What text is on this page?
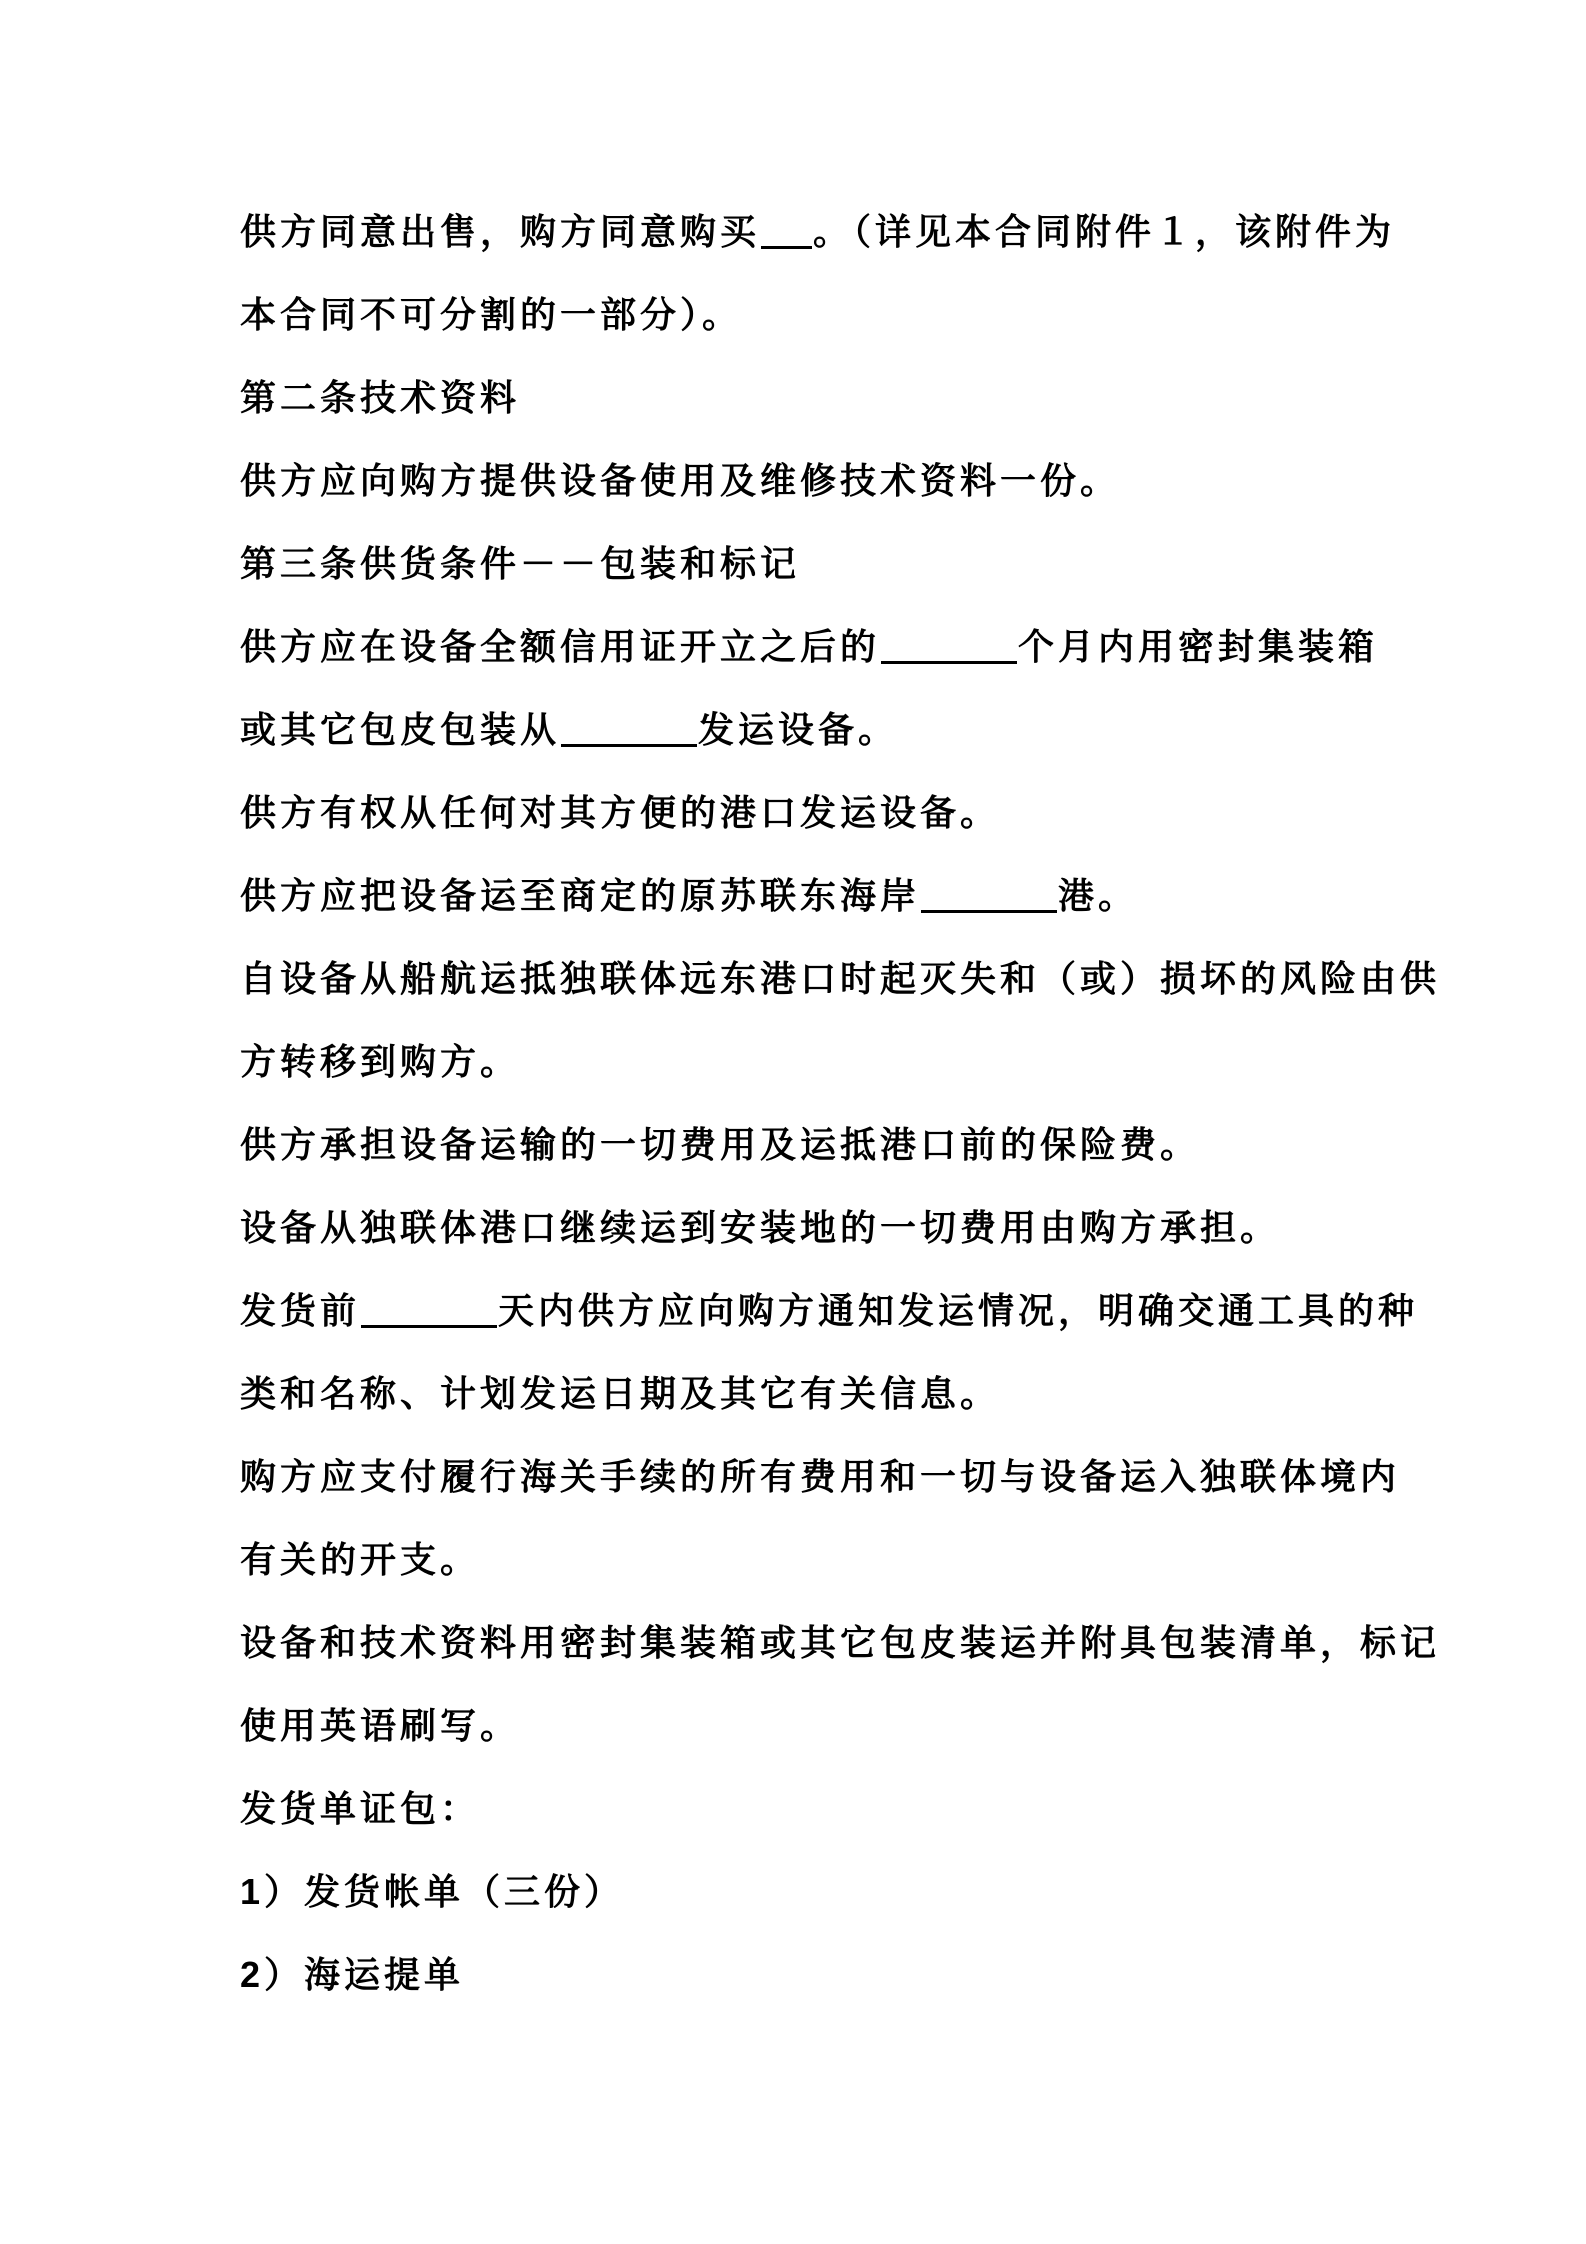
供方同意出售，购方同意购买 。（详见本合同附件１，该附件为
本合同不可分割的一部分）。
第二条技术资料
供方应向购方提供设备使用及维修技术资料一份。
第三条供货条件－－包装和标记
供方应在设备全额信用证开立之后的	个月内用密封集装箱
或其它包皮包装从	发运设备。
供方有权从任何对其方便的港口发运设备。
供方应把设备运至商定的原苏联东海岸	港。
自设备从船航运抵独联体远东港口时起灭失和（或）损坏的风险由供
方转移到购方。
供方承担设备运输的一切费用及运抵港口前的保险费。
设备从独联体港口继续运到安装地的一切费用由购方承担。
发货前	天内供方应向购方通知发运情况，明确交通工具的种
类和名称、计划发运日期及其它有关信息。
购方应支付履行海关手续的所有费用和一切与设备运入独联体境内
有关的开支。
设备和技术资料用密封集装箱或其它包皮装运并附具包装清单，标记
使用英语刷写。
发货单证包：
1）发货帐单（三份）
2）海运提单
